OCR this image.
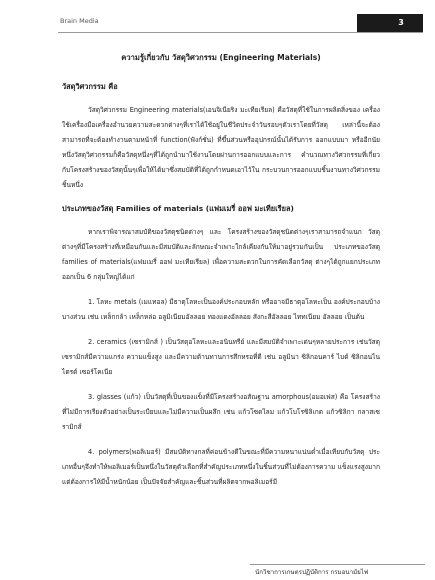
Brain Media	3
ความรู้เกี่ยวกับ วัสดุวิศวกรรม (Engineering Materials)
วัสดุวิศวกรรม คือ

วัสดุวิศวกรรม Engineering materials(เอนจิเนียริง มะเทียเรียล) คือวัสดุที่ใช้ในการผลิตสิ่งของ เครื่องใช้เครื่องมือเครื่องอำนวยความสะดวกต่างๆที่เราได้ใช้อยู่ในชีวิตประจำวันรอบๆตัวเราโดยที่วัสดุ เหล่านี้จะต้องสามารถที่จะต้องทำงานตามหน้าที่ function(ฟังก์ชั่น) ที่ขึ้นส่วนหรืออุปกรณ์นั้นได้รับการ ออกแบบมา หรืออีกนัยหนึ่งวัสดุวิศวกรรมก็คือวัสดุหนึ่งๆที่ได้ถูกนำมาใช้งานโดยผ่านการออกแบบและการ คำนวณทางวิศวกรรมที่เกี่ยวกับโครงสร้างของวัสดุนั้นๆเพื่อให้ได้มาซึ่งสมบัติที่ได้ถูกกำหนดเอาไว้ใน กระบวนการออกแบบชิ้นงานทางวิศวกรรมชิ้นหนึ่ง

ประเภทของวัสดุ Families of materials (แฟมเมรี่ ออฟ มะเทียเรียล)

หากเราพิจารณาสมบัติของวัสดุชนิดต่างๆ และ โครงสร้างของวัสดุชนิดต่างๆเราสามารถจำแนก วัสดุต่างๆที่มีโครงสร้างที่เหมือนกันและมีสมบัติและลักษณะจำเพาะใกล้เคียงกันให้มาอยู่รวมกันเป็น ประเภทของวัสดุ families of materials(แฟมเมรี่ ออฟ มะเทียเรียล) เพื่อความสะดวกในการคัดเลือกวัสดุ ต่างๆได้ถูกแยกประเภทออกเป็น 6 กลุ่มใหญ่ได้แก่

1. โลหะ metals (เมแทอล) มีธาตุโลหะเป็นองค์ประกอบหลัก หรืออาจมีธาตุอโลหะเป็น องค์ประกอบบ้างบางส่วน เช่น เหล็กกล้า เหล็กหล่อ อลูมิเนียมอัลลอย ทองแดงอัลลอย สังกะสีอัลลอย ไททเนียม อัลลอย เป็นต้น

2. ceramics (เซรามิกส์ ) เป็นวัสดุอโลหะและอนินทรีย์ และมีสมบัติจำเพาะเด่นๆหลายประการ เช่นวัสดุเซรามิกส์มีความแกร่ง ความแข็งสูง และมีความต้านทานการสึกหรอที่ดี เช่น อลูมินา ซิลิกอนคาร์ ไบด์ ซิลิกอนไนไตรด์ เซอร์โคเนีย

3. glasses (แก้ว) เป็นวัสดุที่เป็นของแข็งที่มีโครงสร้างอสัณฐาน amorphous(อมอเฟส) คือ โครงสร้างที่ไม่มีการเรียงตัวอย่างเป็นระเบียบและไม่มีความเป็นผลึก เช่น แก้วโซดไลม แก้วโบโรซิลิเกต แก้วซิลิกา กลาสเซรามิกส์

4. polymers(พอลิเมอร์) มีสมบัติทางกลที่ค่อนข้างดีในขณะที่มีความหนาแน่นต่ำเมื่อเทียบกับวัสดุ ประเภทอื่นๆจึงทำให้พอลิเมอร์เป็นหนึ่งในวัสดุตัวเลือกที่สำคัญประเภทหนึ่งในชิ้นส่วนที่ไม่ต้องการความ แข็งแรงสูงมากแต่ต้องการให้มีน้ำหนักน้อย เป็นปัจจัยสำคัญและชิ้นส่วนที่ผลิตจากพอลิเมอร์มี

นักวิชาการเกษตรปฏิบัติการ กรมอนามัยไฟ
